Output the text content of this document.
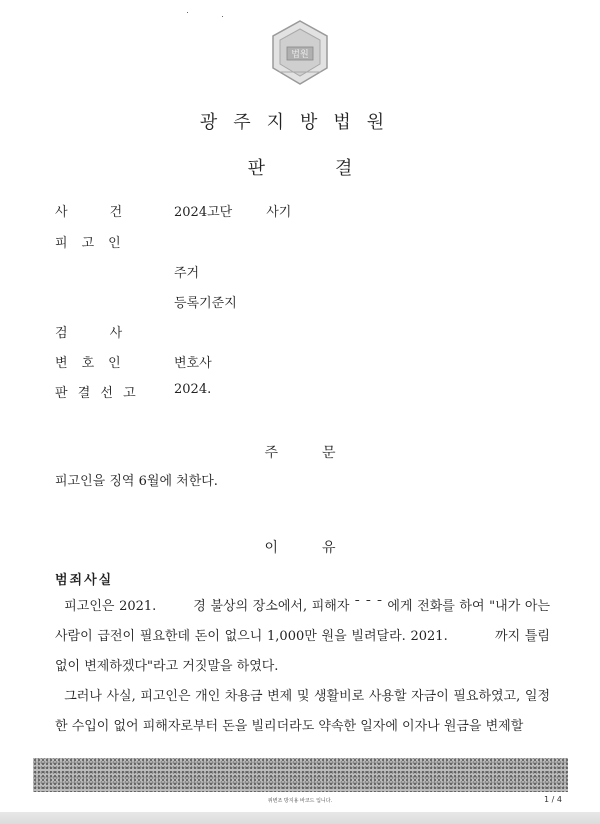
법원
광주지방법원
판	결
사	건	2024고단	사기
피 고 인
주거
등록기준지
검	사
변 호 인	변호사
판 결 선 고	2024.
주	문
피고인을 징역 6월에 처한다.
이	유
범죄사실
피고인은 2021.        경 불상의 장소에서, 피해자 ˉ ˉ ˉ 에게 전화를 하여 "내가 아는 사람이 급전이 필요한데 돈이 없으니 1,000만 원을 빌려달라. 2021.          까지 틀림없이 변제하겠다"라고 거짓말을 하였다.
그러나 사실, 피고인은 개인 차용금 변제 및 생활비로 사용할 자금이 필요하였고, 일정한 수입이 없어 피해자로부터 돈을 빌리더라도 약속한 일자에 이자나 원금을 변제할
위변조 방지용 바코드 입니다.	1 / 4
